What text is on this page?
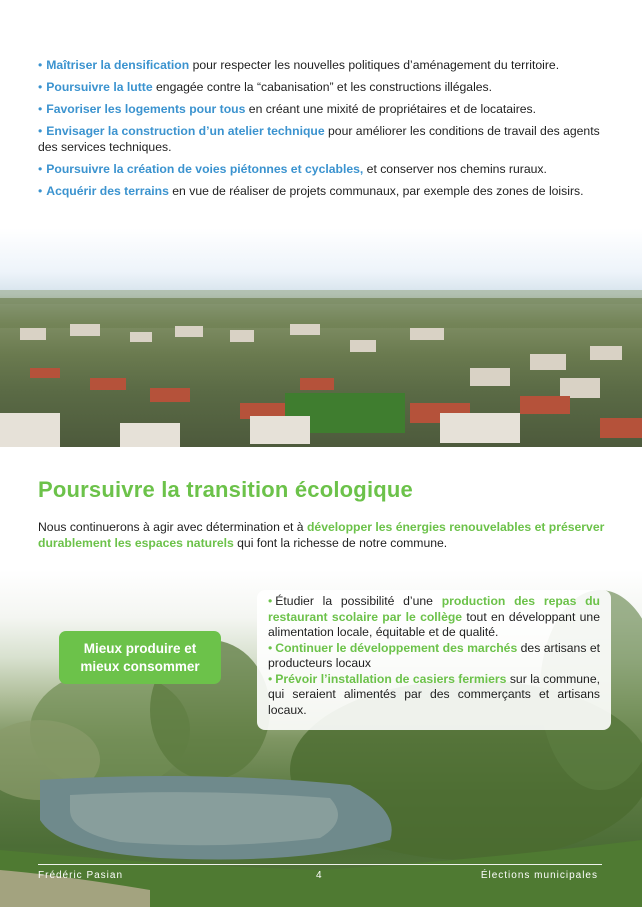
• Maîtriser la densification pour respecter les nouvelles politiques d’aménagement du territoire.

• Poursuivre la lutte engagée contre la “cabanisation” et les constructions illégales.

• Favoriser les logements pour tous en créant une mixité de propriétaires et de locataires.

• Envisager la construction d’un atelier technique pour améliorer les conditions de travail des agents des services techniques.

• Poursuivre la création de voies piétonnes et cyclables, et conserver nos chemins ruraux.

• Acquérir des terrains en vue de réaliser de projets communaux, par exemple des zones de loisirs.

Poursuivre la transition écologique

Nous continuerons à agir avec détermination et à développer les énergies renouvelables et préserver durablement les espaces naturels qui font la richesse de notre commune.

Mieux produire et
mieux consommer

• Étudier la possibilité d’une production des repas du restaurant scolaire par le collège tout en développant une alimentation locale, équitable et de qualité.

• Continuer le développement des marchés des artisans et producteurs locaux

• Prévoir l’installation de casiers fermiers sur la commune, qui seraient alimentés par des commerçants et artisans locaux.

Frédéric Pasian	4	Élections municipales
